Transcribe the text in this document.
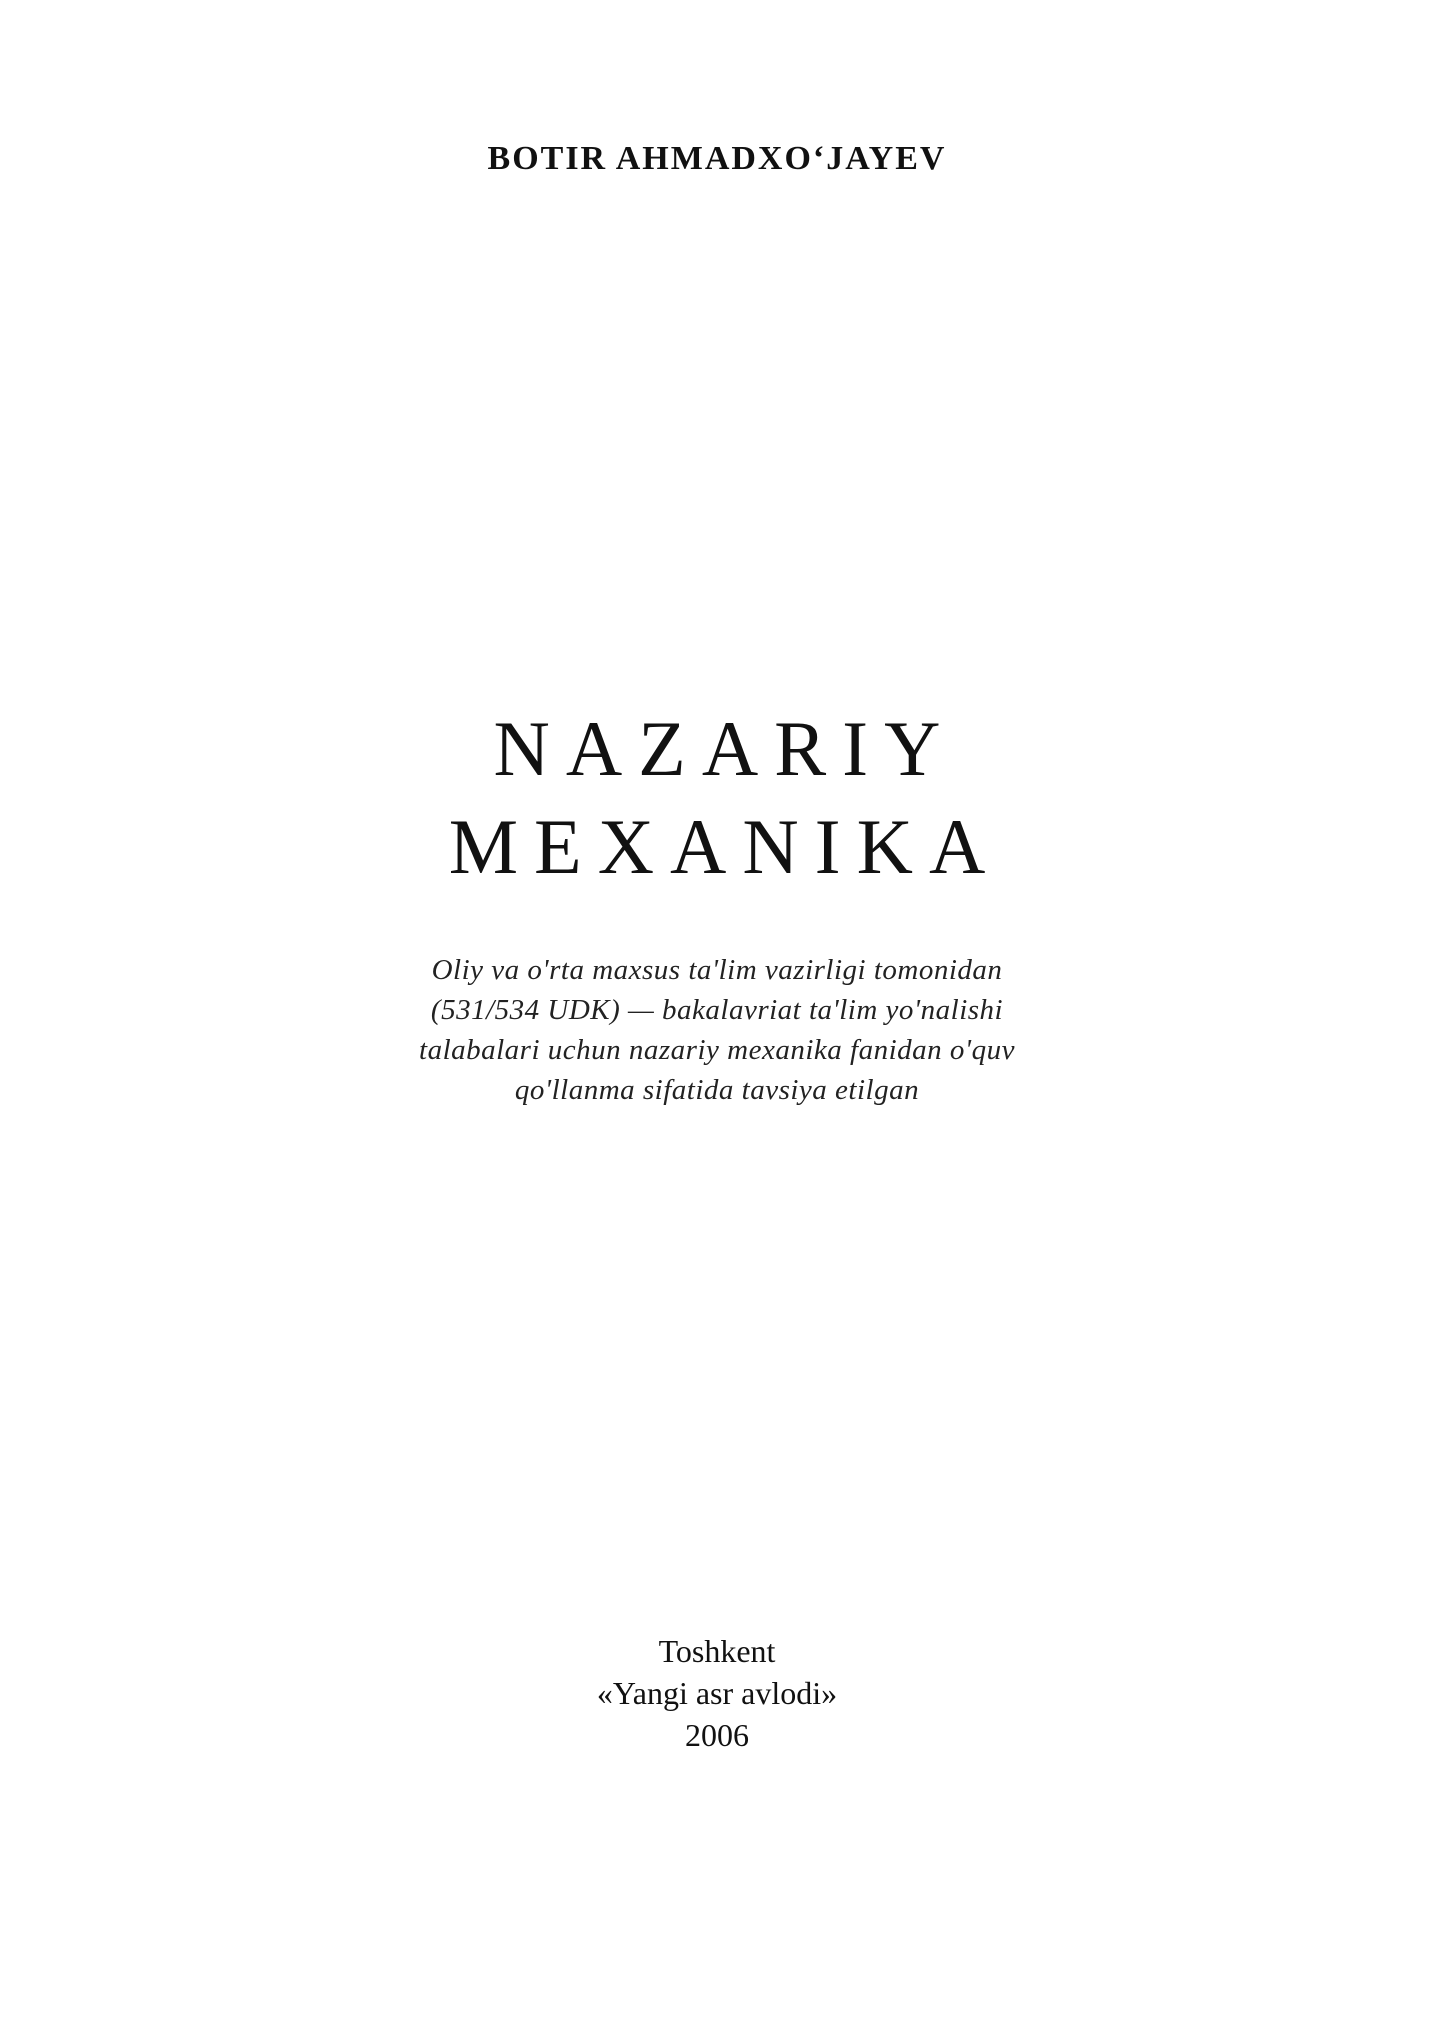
BOTIR AHMADXO‘JAYEV
NAZARIY
MEXANIKA
Oliy va o'rta maxsus ta'lim vazirligi tomonidan
(531/534 UDK) — bakalavriat ta'lim yo'nalishi
talabalari uchun nazariy mexanika fanidan o'quv
qo'llanma sifatida tavsiya etilgan
Toshkent
«Yangi asr avlodi»
2006
